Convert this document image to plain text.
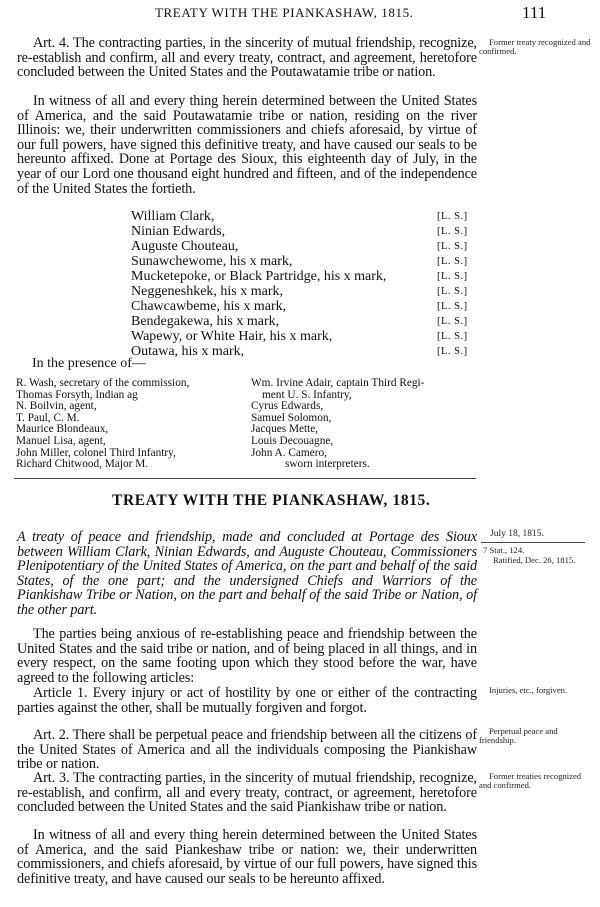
TREATY WITH THE PIANKASHAW, 1815.	111
Former treaty recognized and confirmed.
July 18, 1815.
7 Stat., 124.
Ratified, Dec. 26, 1815.
Injuries, etc., forgiven.
Perpetual peace and friendship.
Former treaties recognized and confirmed.

Art. 4. The contracting parties, in the sincerity of mutual friendship, recognize, re-establish and confirm, all and every treaty, contract, and agreement, heretofore concluded between the United States and the Poutawatamie tribe or nation.

In witness of all and every thing herein determined between the United States of America, and the said Poutawatamie tribe or nation, residing on the river Illinois: we, their underwritten commissioners and chiefs aforesaid, by virtue of our full powers, have signed this definitive treaty, and have caused our seals to be hereunto affixed. Done at Portage des Sioux, this eighteenth day of July, in the year of our Lord one thousand eight hundred and fifteen, and of the independence of the United States the fortieth.

William Clark,	[L. S.]
Ninian Edwards,	[L. S.]
Auguste Chouteau,	[L. S.]
Sunawchewome, his x mark,	[L. S.]
Mucketepoke, or Black Partridge, his x mark,	[L. S.]
Neggeneshkek, his x mark,	[L. S.]
Chawcawbeme, his x mark,	[L. S.]
Bendegakewa, his x mark,	[L. S.]
Wapewy, or White Hair, his x mark,	[L. S.]
Outawa, his x mark,	[L. S.]
In the presence of—
R. Wash, secretary of the commission,
Thomas Forsyth, Indian ag
N. Boilvin, agent,
T. Paul, C. M.
Maurice Blondeaux,
Manuel Lisa, agent,
John Miller, colonel Third Infantry,
Richard Chitwood, Major M.
Wm. Irvine Adair, captain Third Regi-
ment U. S. Infantry,
Cyrus Edwards,
Samuel Solomon,
Jacques Mette,
Louis Decouagne,
John A. Camero,
sworn interpreters.
TREATY WITH THE PIANKASHAW, 1815.

A treaty of peace and friendship, made and concluded at Portage des Sioux between William Clark, Ninian Edwards, and Auguste Chouteau, Commissioners Plenipotentiary of the United States of America, on the part and behalf of the said States, of the one part; and the undersigned Chiefs and Warriors of the Piankishaw Tribe or Nation, on the part and behalf of the said Tribe or Nation, of the other part.

The parties being anxious of re-establishing peace and friendship between the United States and the said tribe or nation, and of being placed in all things, and in every respect, on the same footing upon which they stood before the war, have agreed to the following articles:

Article 1. Every injury or act of hostility by one or either of the contracting parties against the other, shall be mutually forgiven and forgot.

Art. 2. There shall be perpetual peace and friendship between all the citizens of the United States of America and all the individuals composing the Piankishaw tribe or nation.

Art. 3. The contracting parties, in the sincerity of mutual friendship, recognize, re-establish, and confirm, all and every treaty, contract, or agreement, heretofore concluded between the United States and the said Piankishaw tribe or nation.

In witness of all and every thing herein determined between the United States of America, and the said Piankeshaw tribe or nation: we, their underwritten commissioners, and chiefs aforesaid, by virtue of our full powers, have signed this definitive treaty, and have caused our seals to be hereunto affixed.
